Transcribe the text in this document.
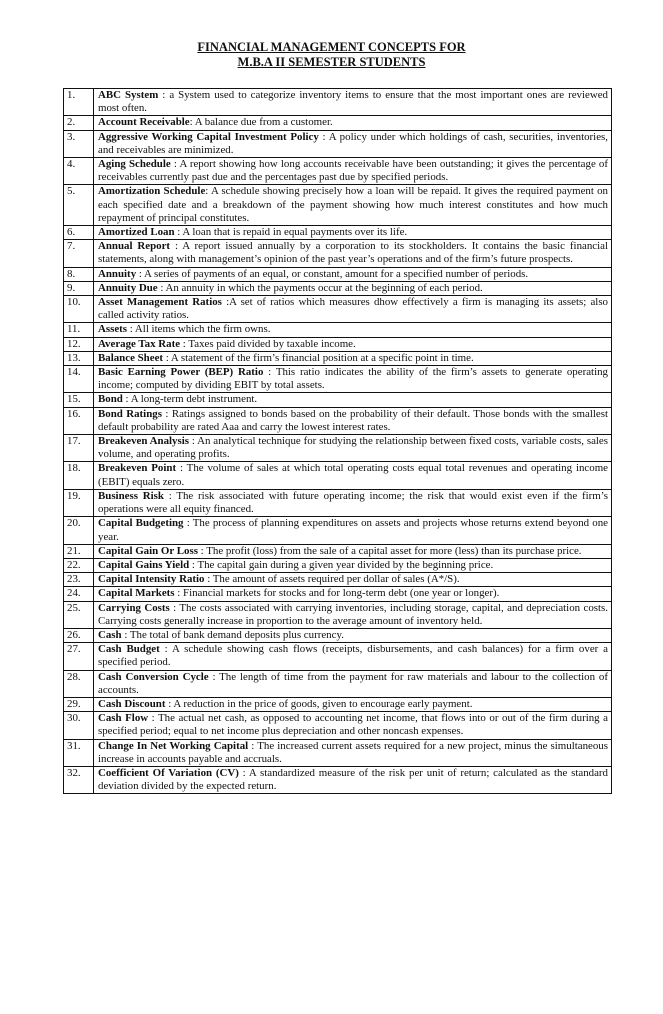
FINANCIAL MANAGEMENT CONCEPTS FOR
M.B.A II SEMESTER STUDENTS
1.	ABC System : a System used to categorize inventory items to ensure that the most important ones are reviewed most often.
2.	Account Receivable: A balance due from a customer.
3.	Aggressive Working Capital Investment Policy : A policy under which holdings of cash, securities, inventories, and receivables are minimized.
4.	Aging Schedule : A report showing how long accounts receivable have been outstanding; it gives the percentage of receivables currently past due and the percentages past due by specified periods.
5.	Amortization Schedule: A schedule showing precisely how a loan will be repaid. It gives the required payment on each specified date and a breakdown of the payment showing how much interest constitutes and how much repayment of principal constitutes.
6.	Amortized Loan : A loan that is repaid in equal payments over its life.
7.	Annual Report : A report issued annually by a corporation to its stockholders. It contains the basic financial statements, along with management’s opinion of the past year’s operations and of the firm’s future prospects.
8.	Annuity : A series of payments of an equal, or constant, amount for a specified number of periods.
9.	Annuity Due : An annuity in which the payments occur at the beginning of each period.
10.	Asset Management Ratios :A set of ratios which measures dhow effectively a firm is managing its assets; also called activity ratios.
11.	Assets : All items which the firm owns.
12.	Average Tax Rate : Taxes paid divided by taxable income.
13.	Balance Sheet : A statement of the firm’s financial position at a specific point in time.
14.	Basic Earning Power (BEP) Ratio : This ratio indicates the ability of the firm’s assets to generate operating income; computed by dividing EBIT by total assets.
15.	Bond : A long-term debt instrument.
16.	Bond Ratings : Ratings assigned to bonds based on the probability of their default. Those bonds with the smallest default probability are rated Aaa and carry the lowest interest rates.
17.	Breakeven Analysis : An analytical technique for studying the relationship between fixed costs, variable costs, sales volume, and operating profits.
18.	Breakeven Point : The volume of sales at which total operating costs equal total revenues and operating income (EBIT) equals zero.
19.	Business Risk : The risk associated with future operating income; the risk that would exist even if the firm’s operations were all equity financed.
20.	Capital Budgeting : The process of planning expenditures on assets and projects whose returns extend beyond one year.
21.	Capital Gain Or Loss : The profit (loss) from the sale of a capital asset for more (less) than its purchase price.
22.	Capital Gains Yield : The capital gain during a given year divided by the beginning price.
23.	Capital Intensity Ratio : The amount of assets required per dollar of sales (A*/S).
24.	Capital Markets : Financial markets for stocks and for long-term debt (one year or longer).
25.	Carrying Costs : The costs associated with carrying inventories, including storage, capital, and depreciation costs. Carrying costs generally increase in proportion to the average amount of inventory held.
26.	Cash : The total of bank demand deposits plus currency.
27.	Cash Budget : A schedule showing cash flows (receipts, disbursements, and cash balances) for a firm over a specified period.
28.	Cash Conversion Cycle : The length of time from the payment for raw materials and labour to the collection of accounts.
29.	Cash Discount : A reduction in the price of goods, given to encourage early payment.
30.	Cash Flow : The actual net cash, as opposed to accounting net income, that flows into or out of the firm during a specified period; equal to net income plus depreciation and other noncash expenses.
31.	Change In Net Working Capital : The increased current assets required for a new project, minus the simultaneous increase in accounts payable and accruals.
32.	Coefficient Of Variation (CV) : A standardized measure of the risk per unit of return; calculated as the standard deviation divided by the expected return.
